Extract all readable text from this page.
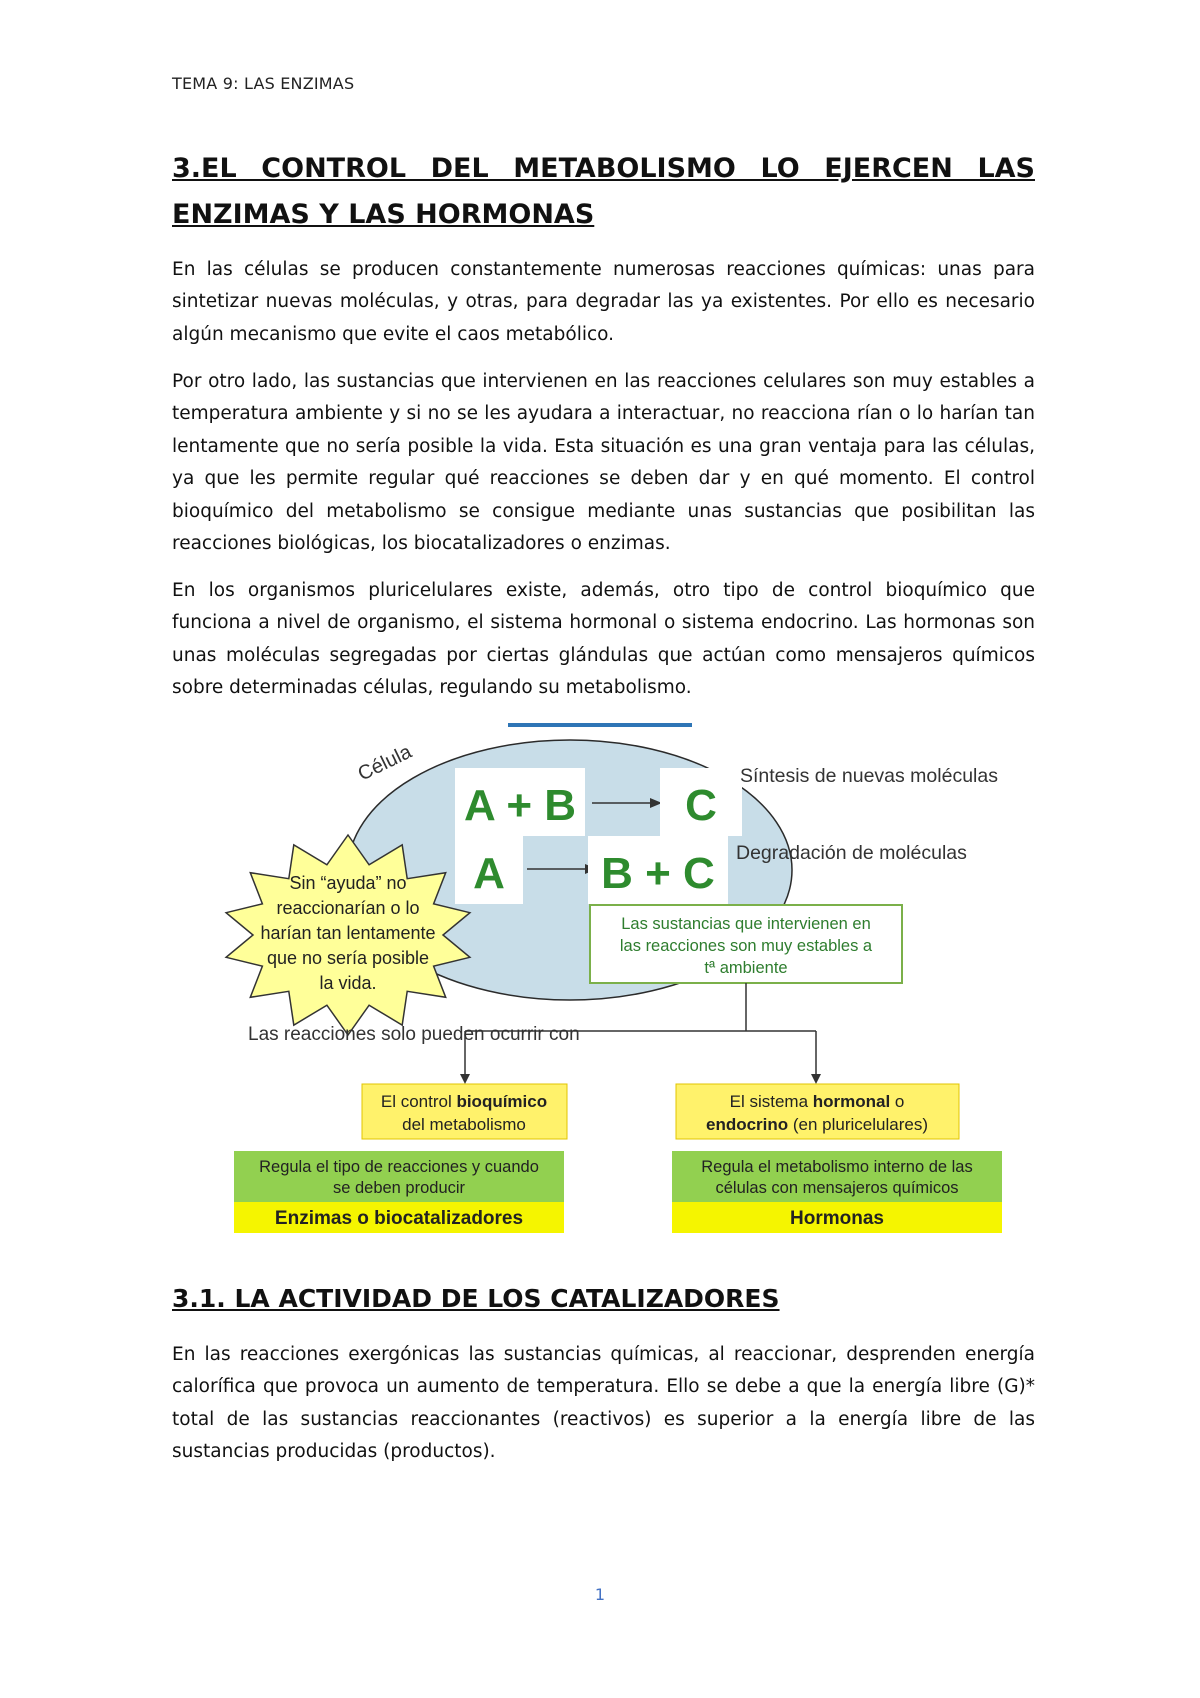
TEMA 9: LAS ENZIMAS
3.EL CONTROL DEL METABOLISMO LO EJERCEN LAS ENZIMAS Y LAS HORMONAS

En las células se producen constantemente numerosas reacciones químicas: unas para sintetizar nuevas moléculas, y otras, para degradar las ya existentes. Por ello es necesario algún mecanismo que evite el caos metabólico.

Por otro lado, las sustancias que intervienen en las reacciones celulares son muy estables a temperatura ambiente y si no se les ayudara a interactuar, no reacciona rían o lo harían tan lentamente que no sería posible la vida. Esta situación es una gran ventaja para las células, ya que les permite regular qué reacciones se deben dar y en qué momento. El control bioquímico del metabolismo se consigue mediante unas sustancias que posibilitan las reacciones biológicas, los biocatalizadores o enzimas.

En los organismos pluricelulares existe, además, otro tipo de control bioquímico que funciona a nivel de organismo, el sistema hormonal o sistema endocrino. Las hormonas son unas moléculas segregadas por ciertas glándulas que actúan como mensajeros químicos sobre determinadas células, regulando su metabolismo.

Célula
A + B C
A B + C
Síntesis de nuevas moléculas
Degradación de moléculas
Sin “ayuda” no
reaccionarían o lo
harían tan lentamente
que no sería posible
la vida.
Las sustancias que intervienen en
las reacciones son muy estables a
tª ambiente
Las reacciones solo pueden ocurrir con
El control bioquímico
del metabolismo
El sistema hormonal o
endocrino (en pluricelulares)
Regula el tipo de reacciones y cuando
se deben producir
Enzimas o biocatalizadores
Regula el metabolismo interno de las
células con mensajeros químicos
Hormonas
3.1. LA ACTIVIDAD DE LOS CATALIZADORES

En las reacciones exergónicas las sustancias químicas, al reaccionar, desprenden energía calorífica que provoca un aumento de temperatura. Ello se debe a que la energía libre (G)* total de las sustancias reaccionantes (reactivos) es superior a la energía libre de las sustancias producidas (productos).

1
